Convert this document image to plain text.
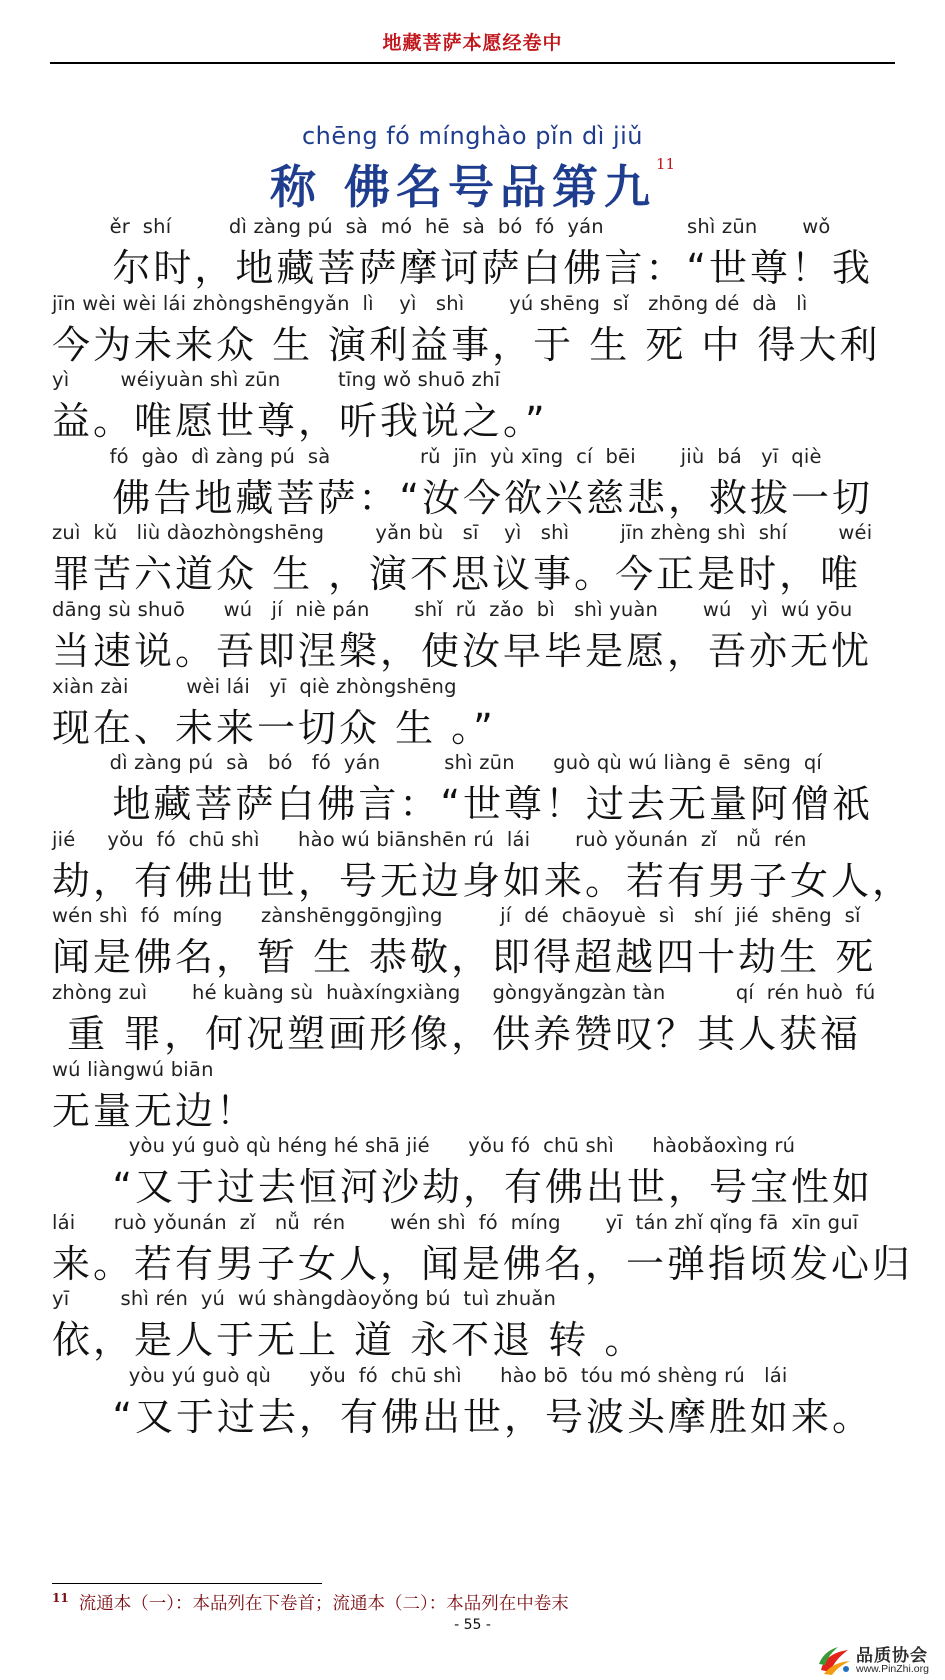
地藏菩萨本愿经卷中
chēng fó mínghào pǐn dì jiǔ
称 佛名号品第九$^{11}$
ěr  shí         dì zàng pú  sà  mó  hē  sà  bó  fó  yán             shì zūn       wǒ
尔时，地藏菩萨摩诃萨白佛言：“世尊！我
jīn wèi wèi lái zhòngshēngyǎn  lì    yì   shì       yú shēng  sǐ   zhōng dé  dà   lì
今为未来众 生 演利益事，于 生 死 中 得大利
yì        wéiyuàn shì zūn         tīng wǒ shuō zhī
益。唯愿世尊，听我说之。”
fó  gào  dì zàng pú  sà              rǔ  jīn  yù xīng  cí  bēi       jiù  bá   yī  qiè
佛告地藏菩萨：“汝今欲兴慈悲，救拔一切
zuì  kǔ   liù dàozhòngshēng        yǎn bù   sī    yì   shì        jīn zhèng shì  shí        wéi
罪苦六道众 生 ，演不思议事。今正是时，唯
dāng sù shuō      wú   jí  niè pán       shǐ  rǔ  zǎo  bì   shì yuàn       wú   yì  wú yōu
当速说。吾即涅槃，使汝早毕是愿，吾亦无忧
xiàn zài         wèi lái   yī  qiè zhòngshēng
现在、未来一切众 生 。”
dì zàng pú  sà   bó   fó  yán          shì zūn      guò qù wú liàng ē  sēng  qí
地藏菩萨白佛言：“世尊！过去无量阿僧祇
jié     yǒu  fó  chū shì      hào wú biānshēn rú  lái       ruò yǒunán  zǐ   nǚ  rén
劫，有佛出世，号无边身如来。若有男子女人，
wén shì  fó  míng      zànshēnggōngjìng         jí  dé  chāoyuè  sì   shí  jié  shēng  sǐ
闻是佛名，暂 生 恭敬，即得超越四十劫生 死
zhòng zuì       hé kuàng sù  huàxíngxiàng     gòngyǎngzàn tàn           qí  rén huò  fú
重 罪，何况塑画形像，供养赞叹？其人获福
wú liàngwú biān
无量无边！
yòu yú guò qù héng hé shā jié      yǒu fó  chū shì      hàobǎoxìng rú
“又于过去恒河沙劫，有佛出世，号宝性如
lái      ruò yǒunán  zǐ   nǚ  rén       wén shì  fó  míng       yī  tán zhǐ qǐng fā  xīn guī
来。若有男子女人，闻是佛名，一弹指顷发心归
yī        shì rén  yú  wú shàngdàoyǒng bú  tuì zhuǎn
依，是人于无上 道 永不退 转 。
yòu yú guò qù      yǒu  fó  chū shì      hào bō  tóu mó shèng rú   lái
“又于过去，有佛出世，号波头摩胜如来。
$^{11}$ 流通本（一）：本品列在下卷首；流通本（二）：本品列在中卷末
- 55 -
品质协会
www.PinZhi.org
